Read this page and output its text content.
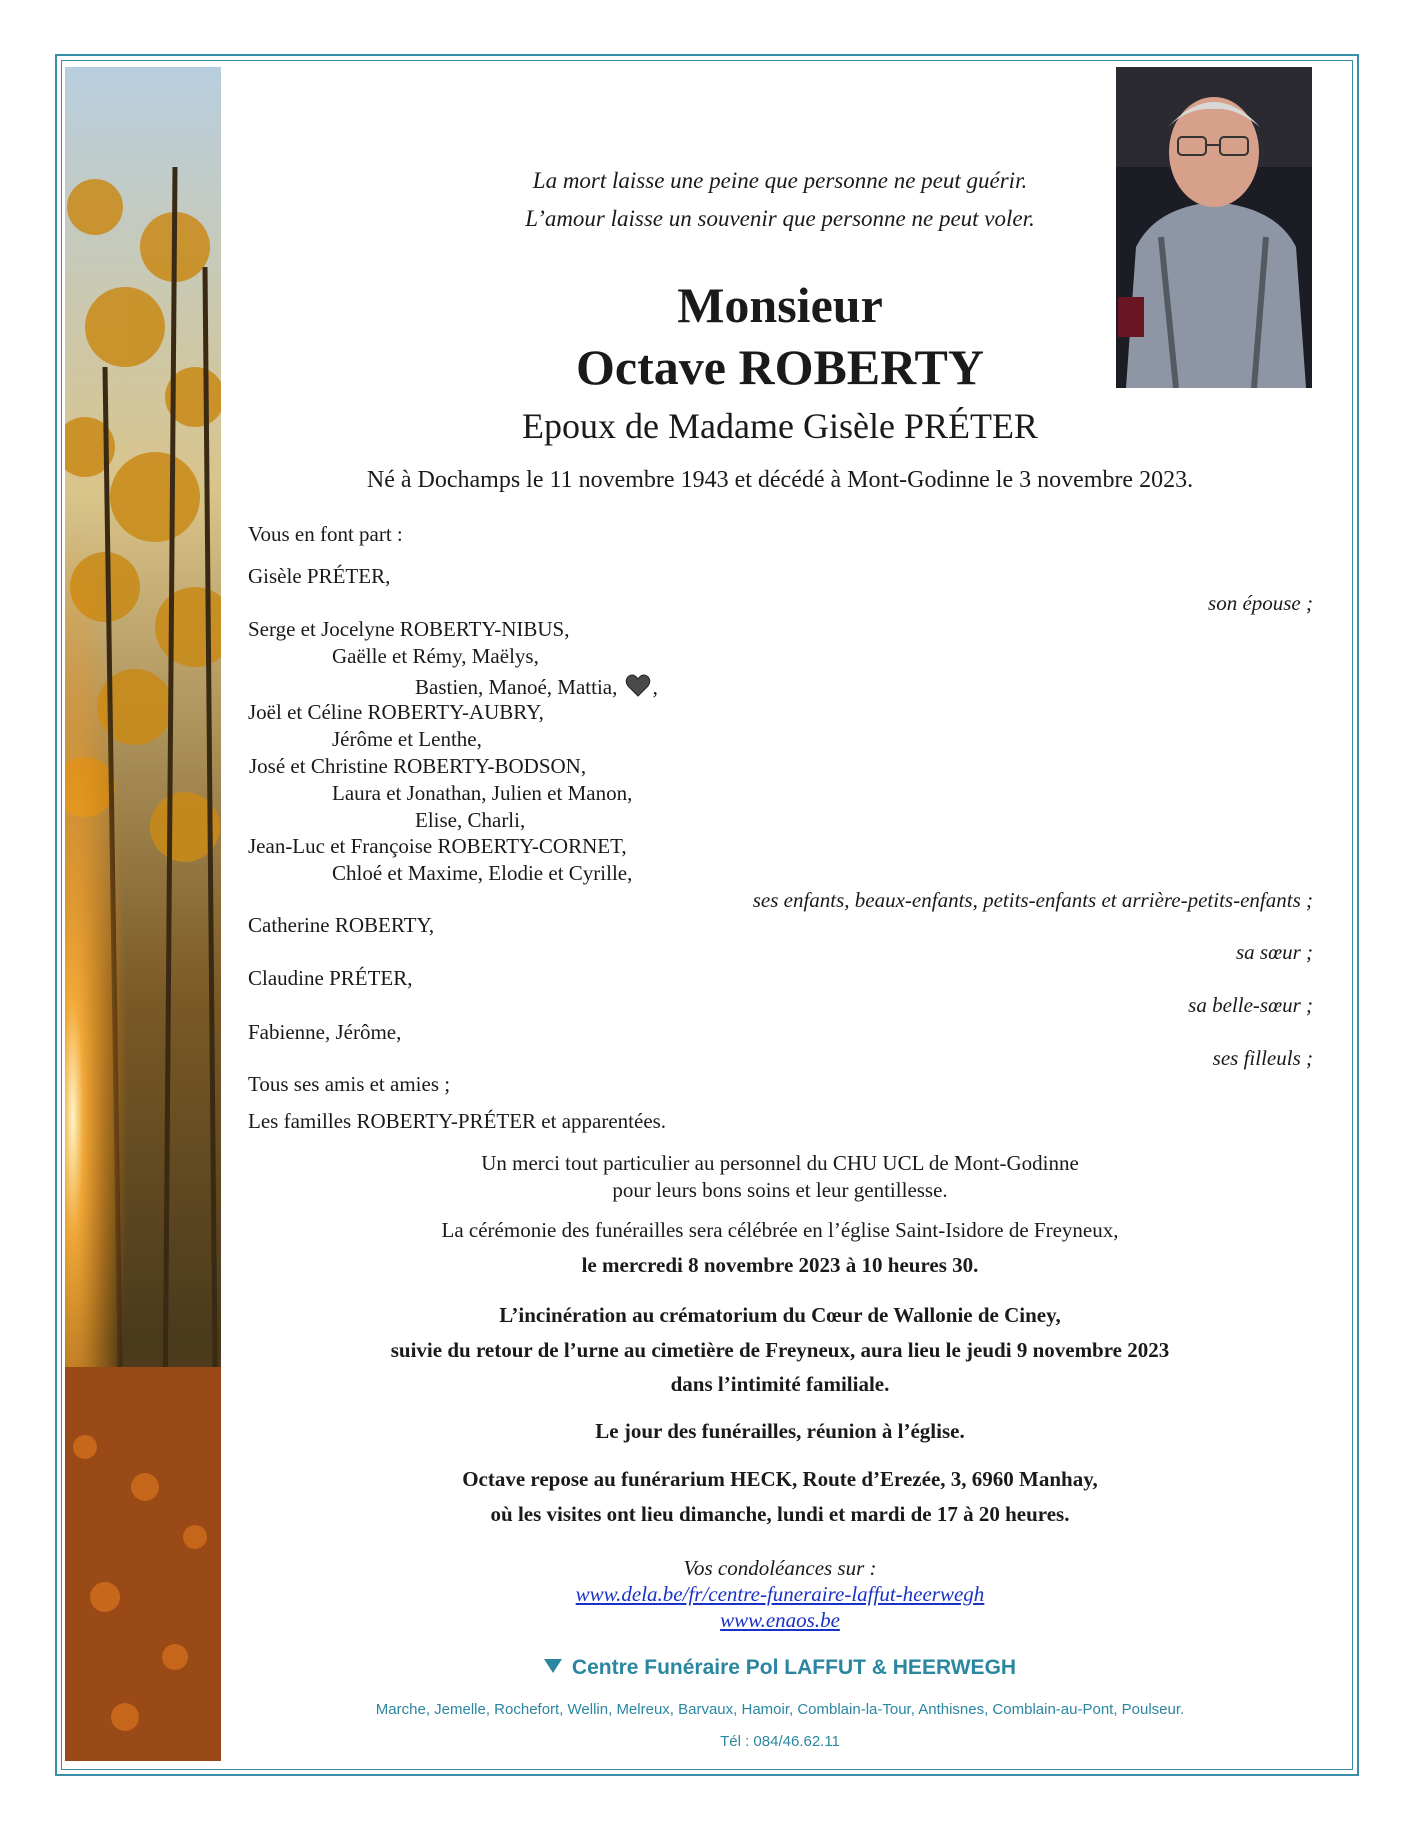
La mort laisse une peine que personne ne peut guérir.
L’amour laisse un souvenir que personne ne peut voler.
Monsieur
Octave ROBERTY
Epoux de Madame Gisèle PRÉTER
Né à Dochamps le 11 novembre 1943 et décédé à Mont-Godinne le 3 novembre 2023.
Vous en font part :
Gisèle PRÉTER,
son épouse ;
Serge et Jocelyne ROBERTY-NIBUS,
Gaëlle et Rémy, Maëlys,
Bastien, Manoé, Mattia, ,
Joël et Céline ROBERTY-AUBRY,
Jérôme et Lenthe,
José et Christine ROBERTY-BODSON,
Laura et Jonathan, Julien et Manon,
Elise, Charli,
Jean-Luc et Françoise ROBERTY-CORNET,
Chloé et Maxime, Elodie et Cyrille,
ses enfants, beaux-enfants, petits-enfants et arrière-petits-enfants ;
Catherine ROBERTY,
sa sœur ;
Claudine PRÉTER,
sa belle-sœur ;
Fabienne, Jérôme,
ses filleuls ;
Tous ses amis et amies ;
Les familles ROBERTY-PRÉTER et apparentées.
Un merci tout particulier au personnel du CHU UCL de Mont-Godinne
pour leurs bons soins et leur gentillesse.
La cérémonie des funérailles sera célébrée en l’église Saint-Isidore de Freyneux,
le mercredi 8 novembre 2023 à 10 heures 30.
L’incinération au crématorium du Cœur de Wallonie de Ciney,
suivie du retour de l’urne au cimetière de Freyneux, aura lieu le jeudi 9 novembre 2023
dans l’intimité familiale.
Le jour des funérailles, réunion à l’église.
Octave repose au funérarium HECK, Route d’Erezée, 3, 6960 Manhay,
où les visites ont lieu dimanche, lundi et mardi de 17 à 20 heures.
Vos condoléances sur :
www.dela.be/fr/centre-funeraire-laffut-heerwegh
www.enaos.be
Centre Funéraire Pol LAFFUT & HEERWEGH
Marche, Jemelle, Rochefort, Wellin, Melreux, Barvaux, Hamoir, Comblain-la-Tour, Anthisnes, Comblain-au-Pont, Poulseur.
Tél : 084/46.62.11
